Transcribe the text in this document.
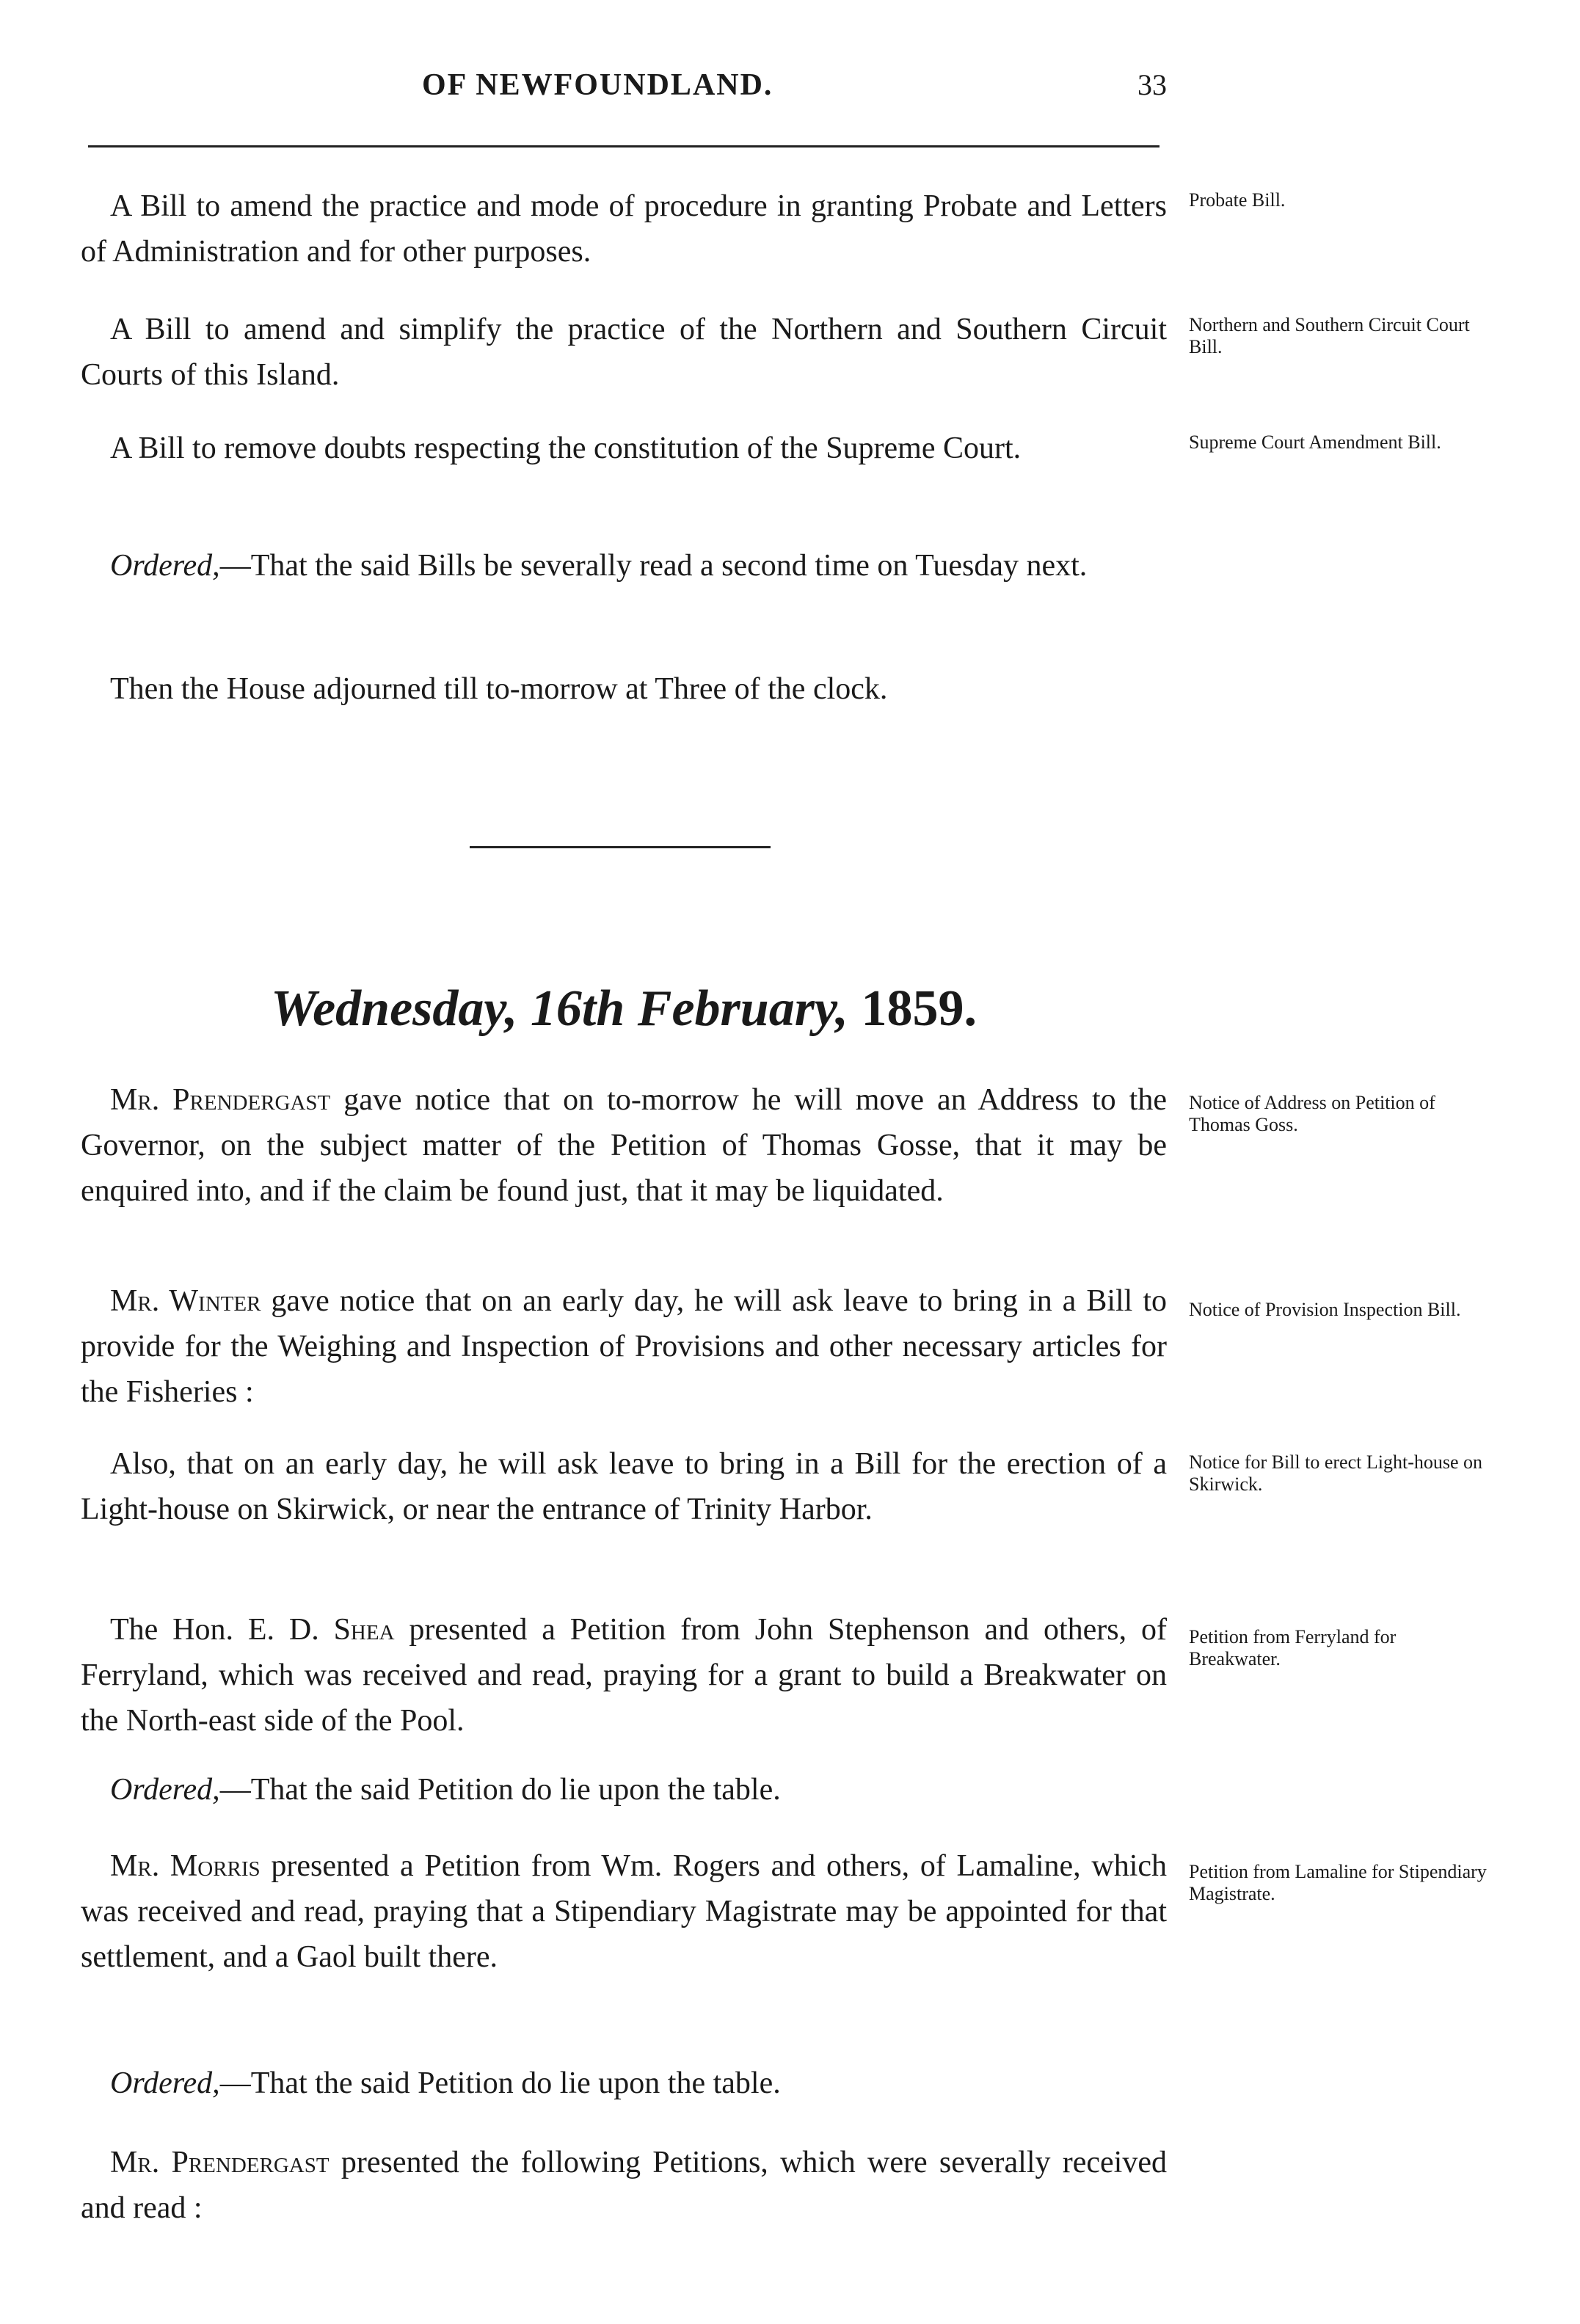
OF NEWFOUNDLAND.	33

A Bill to amend the practice and mode of procedure in granting Probate and Letters of Administration and for other purposes.

Probate Bill.

A Bill to amend and simplify the practice of the Northern and Southern Circuit Courts of this Island.

Northern and Southern Circuit Court Bill.

A Bill to remove doubts respecting the constitution of the Supreme Court.	Supreme Court Amendment Bill.

Ordered,—That the said Bills be severally read a second time on Tuesday next.

Then the House adjourned till to-morrow at Three of the clock.

Wednesday, 16th February, 1859.

Mr. Prendergast gave notice that on to-morrow he will move an Address to the Governor, on the subject matter of the Petition of Thomas Gosse, that it may be enquired into, and if the claim be found just, that it may be liquidated.

Notice of Address on Petition of Thomas Goss.

Mr. Winter gave notice that on an early day, he will ask leave to bring in a Bill to provide for the Weighing and Inspection of Provisions and other necessary articles for the Fisheries :

Notice of Provision Inspection Bill.

Also, that on an early day, he will ask leave to bring in a Bill for the erection of a Light-house on Skirwick, or near the entrance of Trinity Harbor.

Notice for Bill to erect Light-house on Skirwick.

The Hon. E. D. Shea presented a Petition from John Stephenson and others, of Ferryland, which was received and read, praying for a grant to build a Breakwater on the North-east side of the Pool.

Petition from Ferryland for Breakwater.

Ordered,—That the said Petition do lie upon the table.

Mr. Morris presented a Petition from Wm. Rogers and others, of Lamaline, which was received and read, praying that a Stipendiary Magistrate may be appointed for that settlement, and a Gaol built there.

Petition from Lamaline for Stipendiary Magistrate.

Ordered,—That the said Petition do lie upon the table.

Mr. Prendergast presented the following Petitions, which were severally received and read :
